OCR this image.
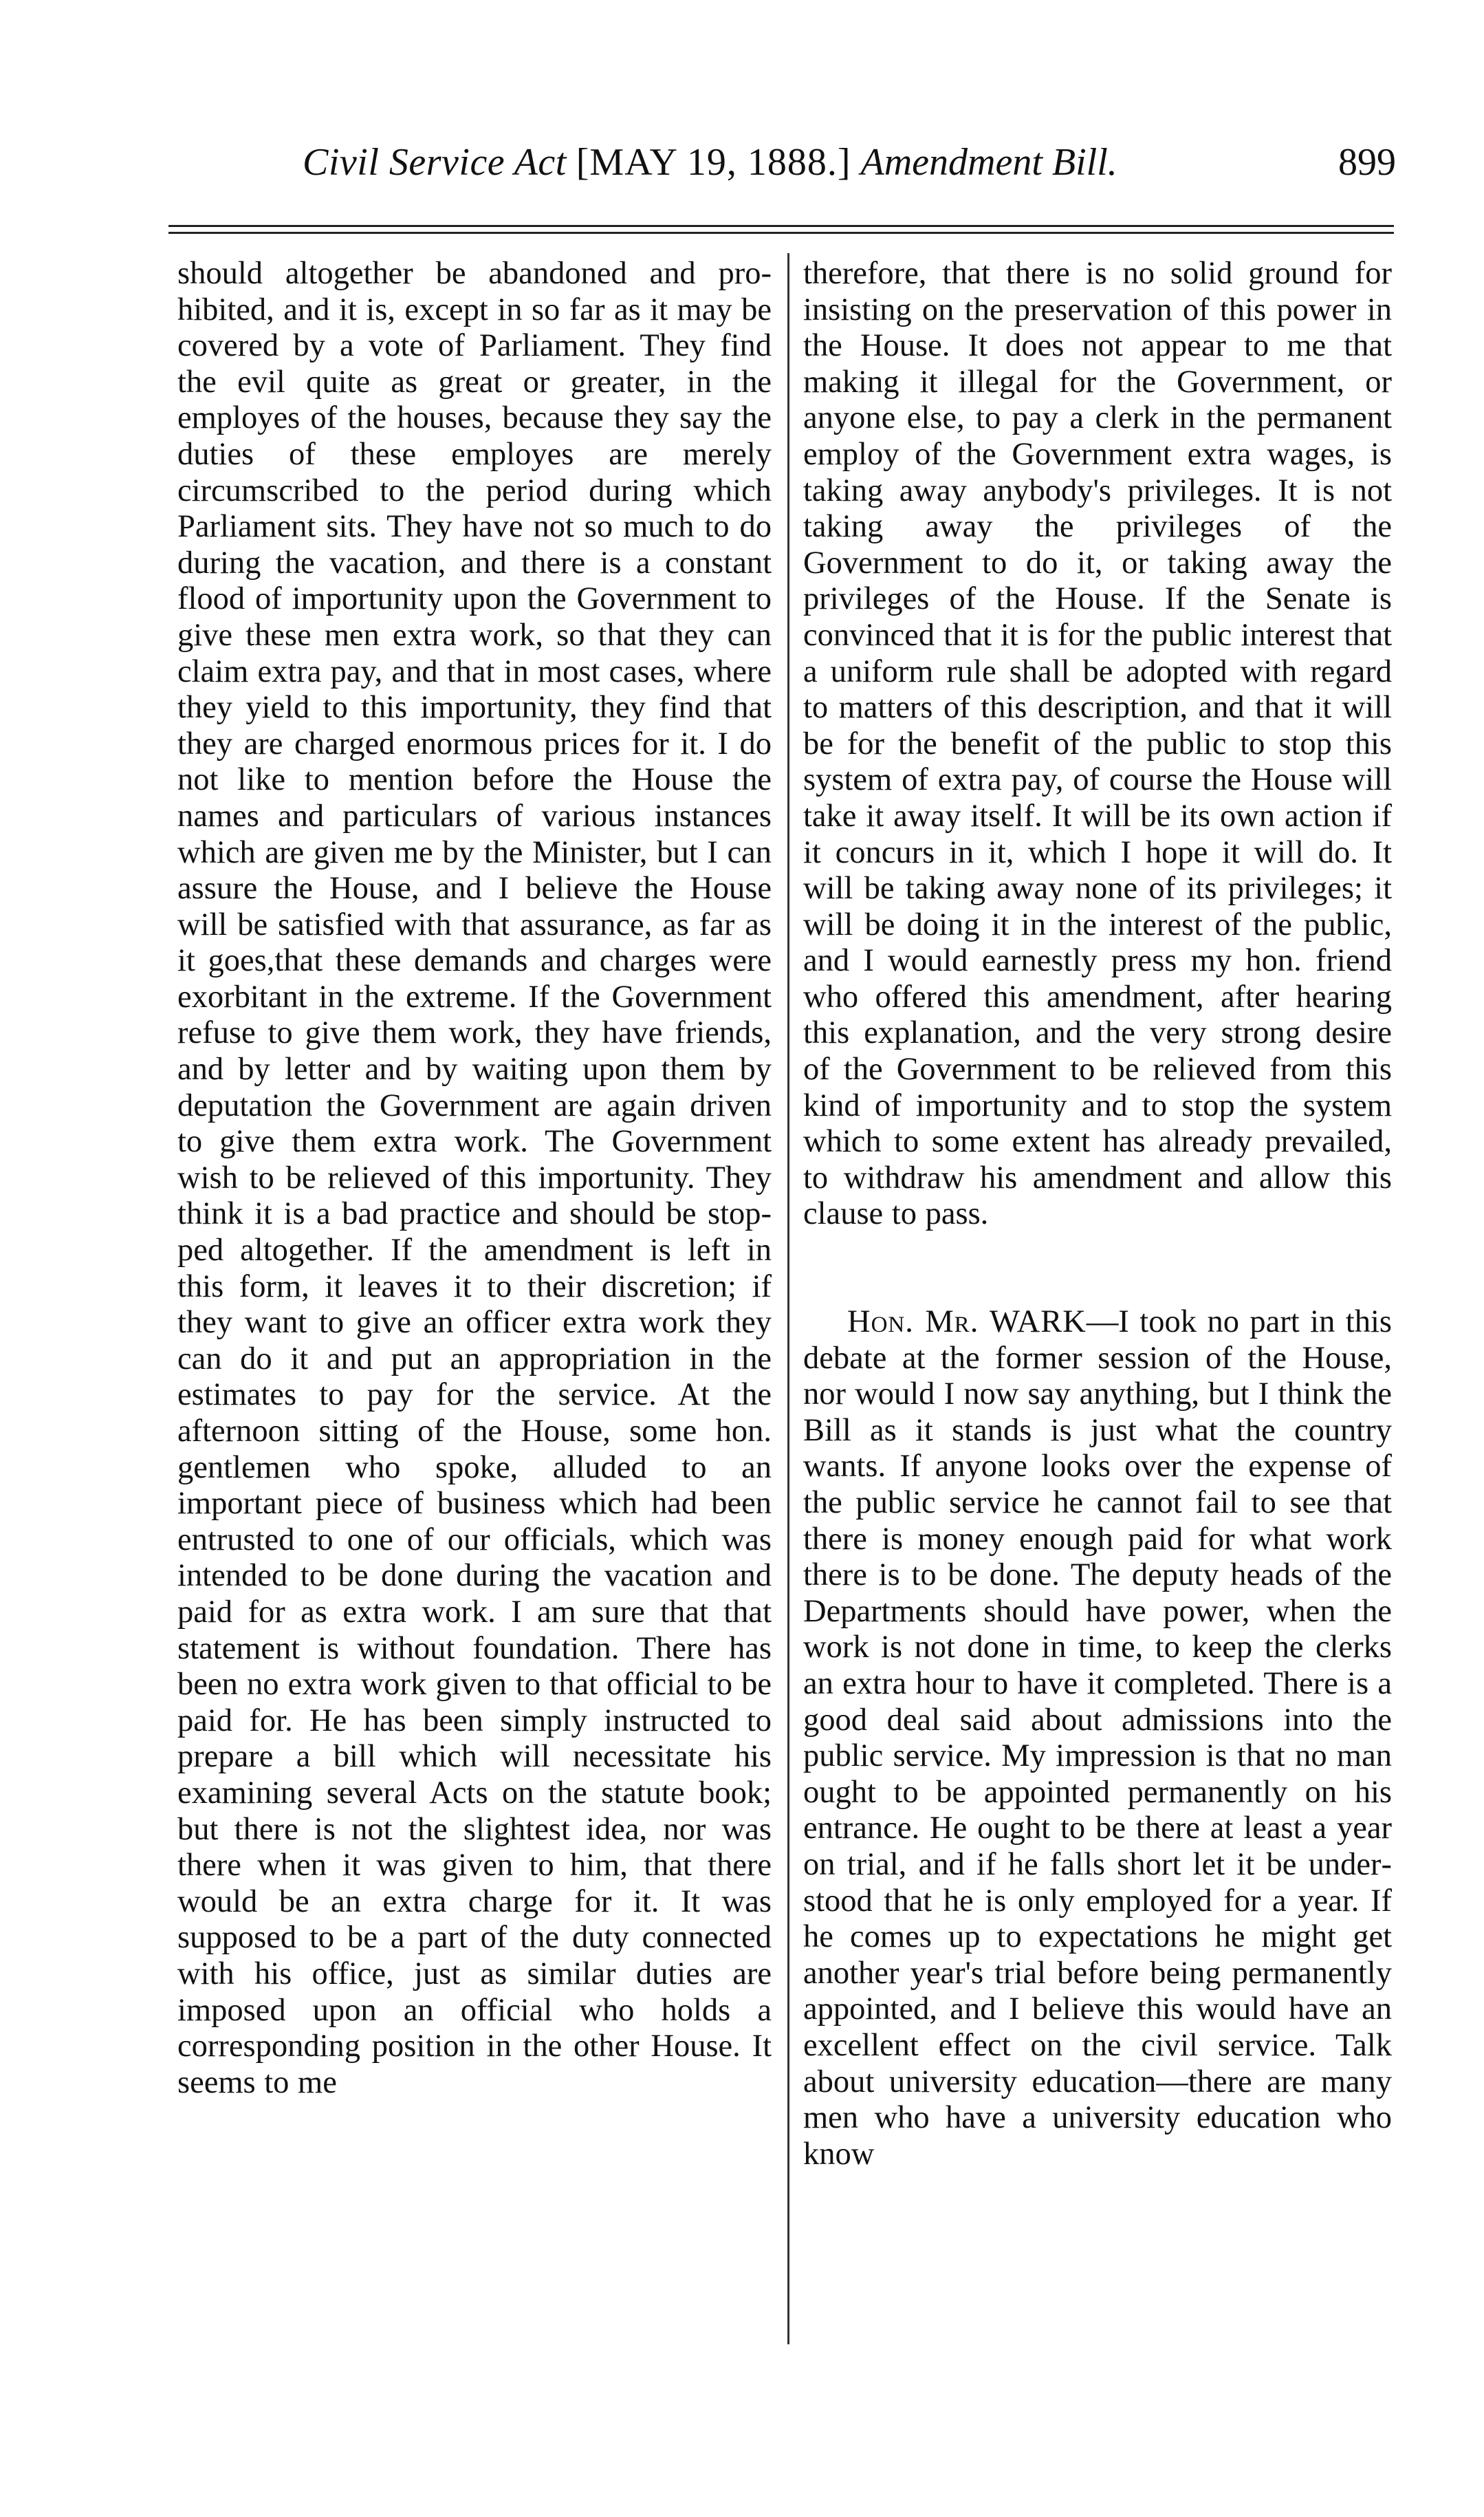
Civil Service Act [MAY 19, 1888.] Amendment Bill.	899

should altogether be abandoned and prohibited, and it is, except in so far as it may be covered by a vote of Parliament. They find the evil quite as great or greater, in the employes of the houses, because they say the duties of these employes are merely circumscribed to the period during which Parliament sits. They have not so much to do during the vacation, and there is a constant flood of importunity upon the Government to give these men extra work, so that they can claim extra pay, and that in most cases, where they yield to this importunity, they find that they are charged enormous prices for it. I do not like to mention before the House the names and particulars of various instances which are given me by the Minister, but I can assure the House, and I believe the House will be satisfied with that assurance, as far as it goes,that these demands and charges were exorbitant in the extreme. If the Government refuse to give them work, they have friends, and by letter and by waiting upon them by deputation the Government are again driven to give them extra work. The Government wish to be relieved of this importunity. They think it is a bad practice and should be stopped altogether. If the amendment is left in this form, it leaves it to their discretion; if they want to give an officer extra work they can do it and put an appropriation in the estimates to pay for the service. At the afternoon sitting of the House, some hon. gentlemen who spoke, alluded to an important piece of business which had been entrusted to one of our officials, which was intended to be done during the vacation and paid for as extra work. I am sure that that statement is without foundation. There has been no extra work given to that official to be paid for. He has been simply instructed to prepare a bill which will necessitate his examining several Acts on the statute book; but there is not the slightest idea, nor was there when it was given to him, that there would be an extra charge for it. It was supposed to be a part of the duty connected with his office, just as similar duties are imposed upon an official who holds a corresponding position in the other House. It seems to me

therefore, that there is no solid ground for insisting on the preservation of this power in the House. It does not appear to me that making it illegal for the Government, or anyone else, to pay a clerk in the permanent employ of the Government extra wages, is taking away anybody's privileges. It is not taking away the privileges of the Government to do it, or taking away the privileges of the House. If the Senate is convinced that it is for the public interest that a uniform rule shall be adopted with regard to matters of this description, and that it will be for the benefit of the public to stop this system of extra pay, of course the House will take it away itself. It will be its own action if it concurs in it, which I hope it will do. It will be taking away none of its privileges; it will be doing it in the interest of the public, and I would earnestly press my hon. friend who offered this amendment, after hearing this explanation, and the very strong desire of the Government to be relieved from this kind of importunity and to stop the system which to some extent has already prevailed, to withdraw his amendment and allow this clause to pass.

Hon. Mr. WARK—I took no part in this debate at the former session of the House, nor would I now say anything, but I think the Bill as it stands is just what the country wants. If anyone looks over the expense of the public service he cannot fail to see that there is money enough paid for what work there is to be done. The deputy heads of the Departments should have power, when the work is not done in time, to keep the clerks an extra hour to have it completed. There is a good deal said about admissions into the public service. My impression is that no man ought to be appointed permanently on his entrance. He ought to be there at least a year on trial, and if he falls short let it be understood that he is only employed for a year. If he comes up to expectations he might get another year's trial before being permanently appointed, and I believe this would have an excellent effect on the civil service. Talk about university education—there are many men who have a university education who know
